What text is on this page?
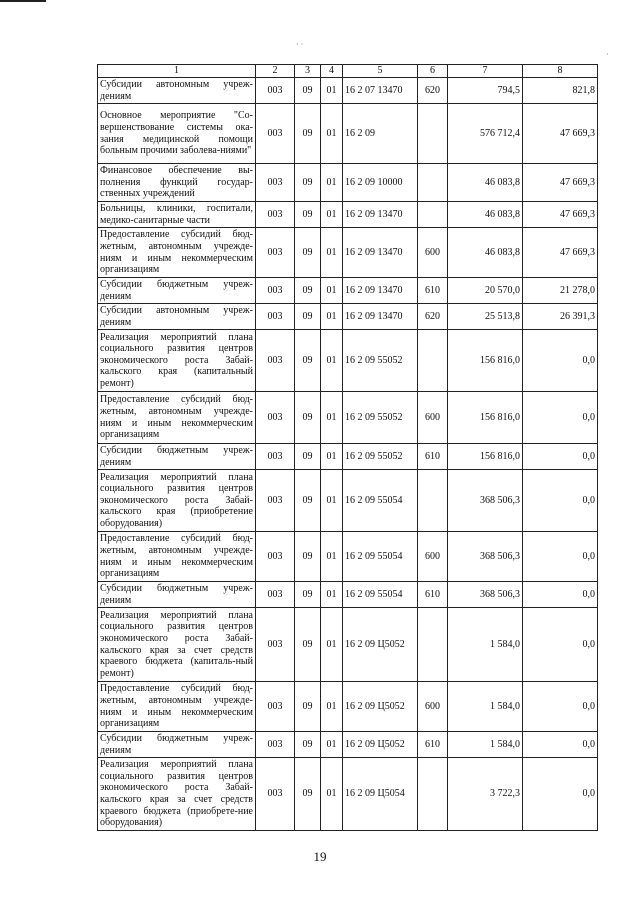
· ·
·
1	2	3	4	5	6	7	8
Субсидии автономным учреж-дениям	003	09	01	16 2 07 13470	620	794,5	821,8
Основное мероприятие "Со-вершенствование системы ока-зания медицинской помощи больным прочими заболева-ниями"	003	09	01	16 2 09		576 712,4	47 669,3
Финансовое обеспечение вы-полнения функций государ-ственных учреждений	003	09	01	16 2 09 10000		46 083,8	47 669,3
Больницы, клиники, госпитали, медико-санитарные части	003	09	01	16 2 09 13470		46 083,8	47 669,3
Предоставление субсидий бюд-жетным, автономным учрежде-ниям и иным некоммерческим организациям	003	09	01	16 2 09 13470	600	46 083,8	47 669,3
Субсидии бюджетным учреж-дениям	003	09	01	16 2 09 13470	610	20 570,0	21 278,0
Субсидии автономным учреж-дениям	003	09	01	16 2 09 13470	620	25 513,8	26 391,3
Реализация мероприятий плана социального развития центров экономического роста Забай-кальского края (капитальный ремонт)	003	09	01	16 2 09 55052		156 816,0	0,0
Предоставление субсидий бюд-жетным, автономным учрежде-ниям и иным некоммерческим организациям	003	09	01	16 2 09 55052	600	156 816,0	0,0
Субсидии бюджетным учреж-дениям	003	09	01	16 2 09 55052	610	156 816,0	0,0
Реализация мероприятий плана социального развития центров экономического роста Забай-кальского края (приобретение оборудования)	003	09	01	16 2 09 55054		368 506,3	0,0
Предоставление субсидий бюд-жетным, автономным учрежде-ниям и иным некоммерческим организациям	003	09	01	16 2 09 55054	600	368 506,3	0,0
Субсидии бюджетным учреж-дениям	003	09	01	16 2 09 55054	610	368 506,3	0,0
Реализация мероприятий плана социального развития центров экономического роста Забай-кальского края за счет средств краевого бюджета (капиталь-ный ремонт)	003	09	01	16 2 09 Ц5052		1 584,0	0,0
Предоставление субсидий бюд-жетным, автономным учрежде-ниям и иным некоммерческим организациям	003	09	01	16 2 09 Ц5052	600	1 584,0	0,0
Субсидии бюджетным учреж-дениям	003	09	01	16 2 09 Ц5052	610	1 584,0	0,0
Реализация мероприятий плана социального развития центров экономического роста Забай-кальского края за счет средств краевого бюджета (приобрете-ние оборудования)	003	09	01	16 2 09 Ц5054		3 722,3	0,0
19
